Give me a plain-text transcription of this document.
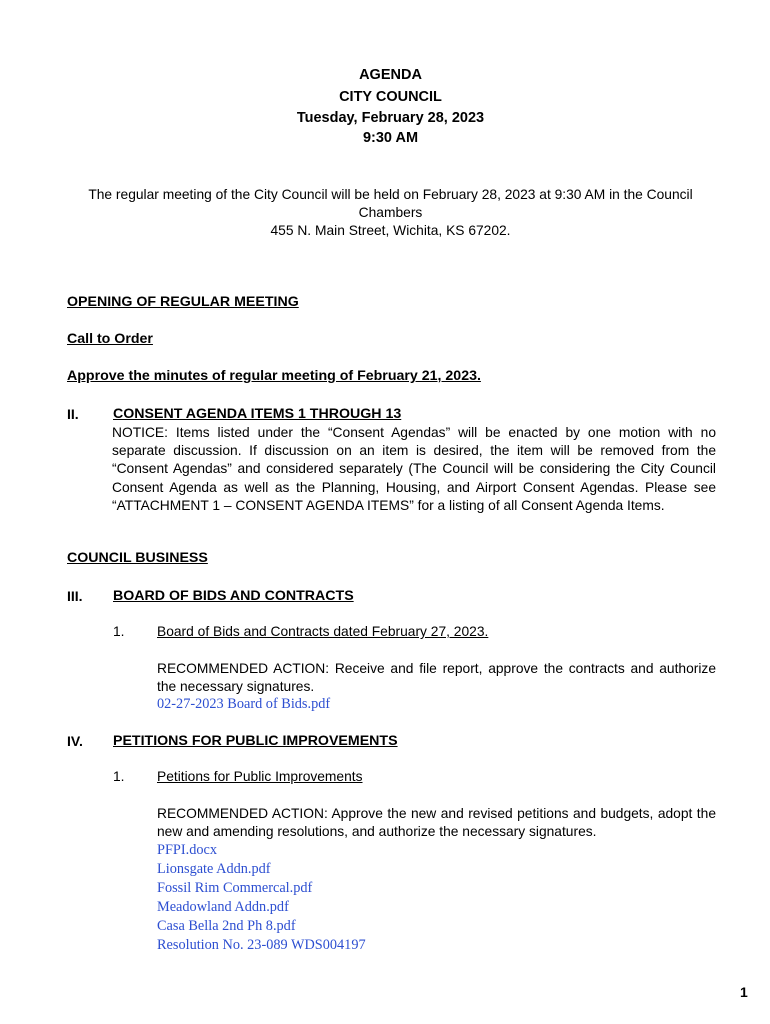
AGENDA
CITY COUNCIL
Tuesday, February 28, 2023
9:30 AM
The regular meeting of the City Council will be held on February 28, 2023 at 9:30 AM in the Council
Chambers
455 N. Main Street, Wichita, KS 67202.
OPENING OF REGULAR MEETING
Call to Order
Approve the minutes of regular meeting of February 21, 2023.
II. CONSENT AGENDA ITEMS 1 THROUGH 13
NOTICE: Items listed under the “Consent Agendas” will be enacted by one motion with no separate discussion. If discussion on an item is desired, the item will be removed from the “Consent Agendas” and considered separately (The Council will be considering the City Council Consent Agenda as well as the Planning, Housing, and Airport Consent Agendas. Please see “ATTACHMENT 1 – CONSENT AGENDA ITEMS” for a listing of all Consent Agenda Items.
COUNCIL BUSINESS
III. BOARD OF BIDS AND CONTRACTS
1. Board of Bids and Contracts dated February 27, 2023.
RECOMMENDED ACTION: Receive and file report, approve the contracts and authorize the necessary signatures.
02-27-2023 Board of Bids.pdf
IV. PETITIONS FOR PUBLIC IMPROVEMENTS
1. Petitions for Public Improvements
RECOMMENDED ACTION: Approve the new and revised petitions and budgets, adopt the new and amending resolutions, and authorize the necessary signatures.
PFPI.docx
Lionsgate Addn.pdf
Fossil Rim Commercal.pdf
Meadowland Addn.pdf
Casa Bella 2nd Ph 8.pdf
Resolution No. 23-089 WDS004197
1
